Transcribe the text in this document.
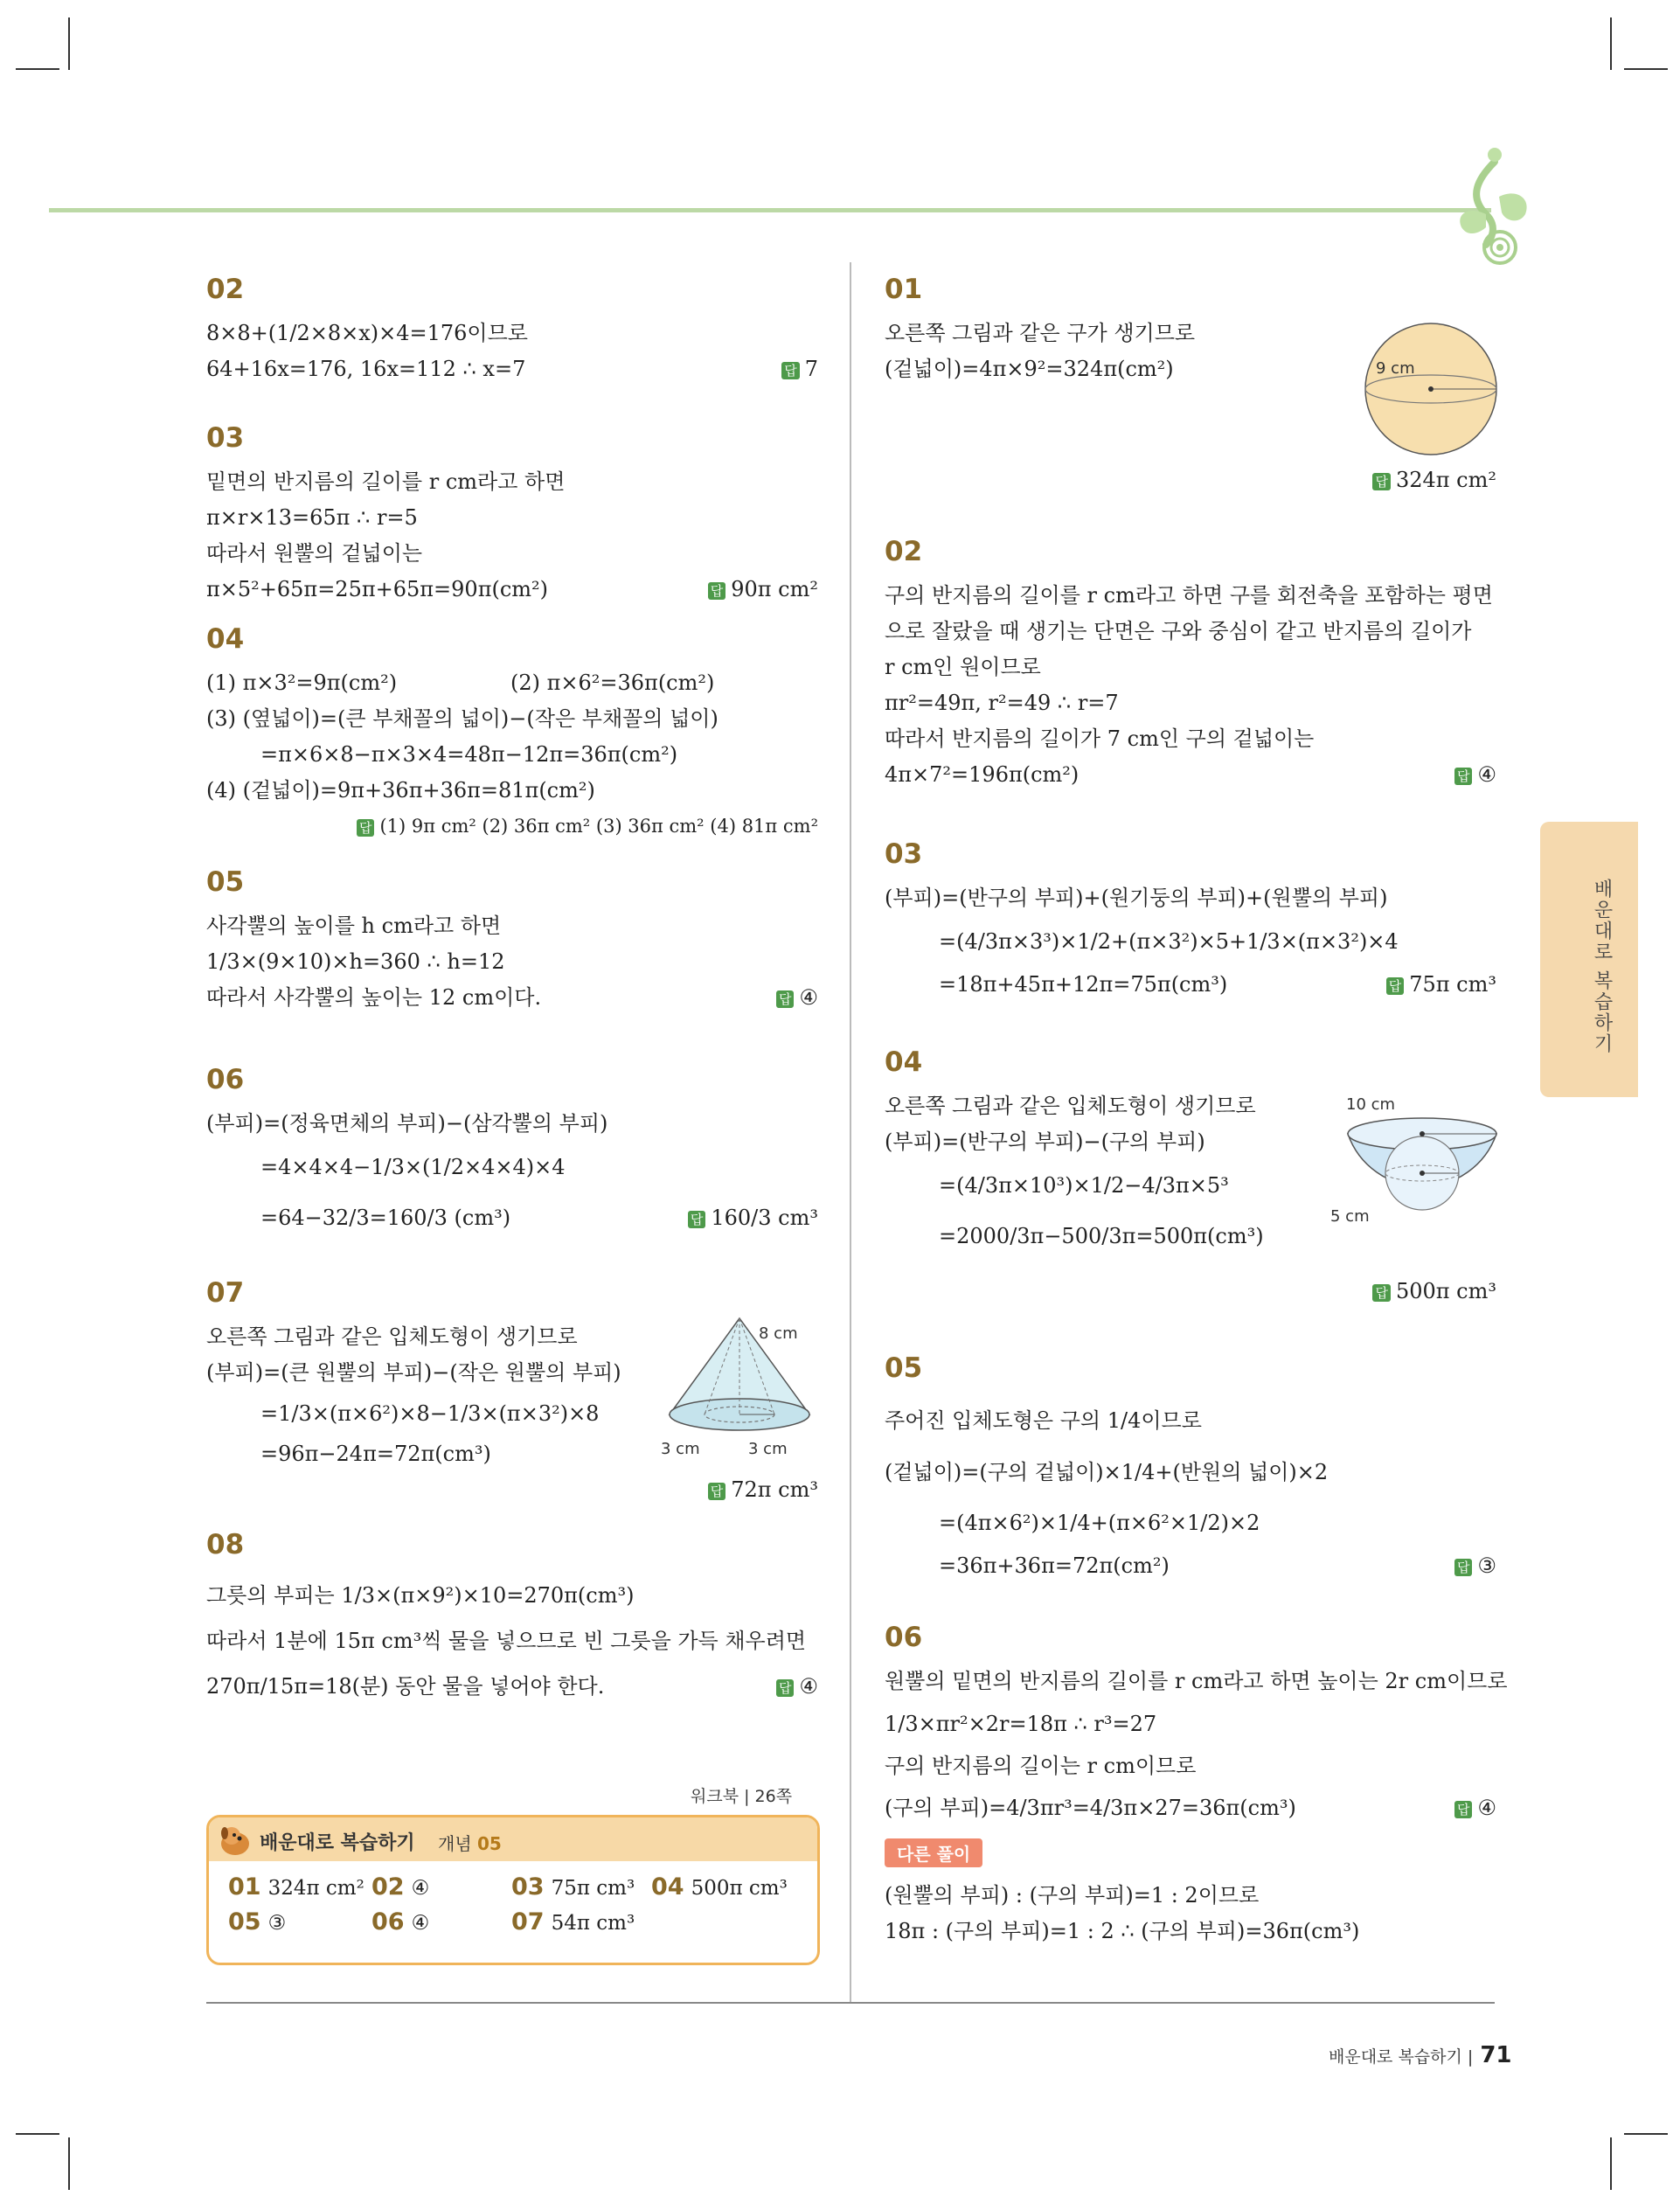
02
8×8+(1/2×8×x)×4=176이므로
64+16x=176, 16x=112 ∴ x=7	답 7
03
밑면의 반지름의 길이를 r cm라고 하면
π×r×13=65π ∴ r=5
따라서 원뿔의 겉넓이는
π×5²+65π=25π+65π=90π(cm²)	답 90π cm²
04
(1) π×3²=9π(cm²)	(2) π×6²=36π(cm²)
(3) (옆넓이)=(큰 부채꼴의 넓이)−(작은 부채꼴의 넓이)
=π×6×8−π×3×4=48π−12π=36π(cm²)
(4) (겉넓이)=9π+36π+36π=81π(cm²)
답 (1) 9π cm² (2) 36π cm² (3) 36π cm² (4) 81π cm²
05
사각뿔의 높이를 h cm라고 하면
1/3×(9×10)×h=360 ∴ h=12
따라서 사각뿔의 높이는 12 cm이다.	답 ④
06
(부피)=(정육면체의 부피)−(삼각뿔의 부피)
=4×4×4−1/3×(1/2×4×4)×4
=64−32/3=160/3 (cm³)	답 160/3 cm³
07
오른쪽 그림과 같은 입체도형이 생기므로
(부피)=(큰 원뿔의 부피)−(작은 원뿔의 부피)
=1/3×(π×6²)×8−1/3×(π×3²)×8
=96π−24π=72π(cm³)
답 72π cm³
8 cm
3 cm	3 cm
08
그릇의 부피는 1/3×(π×9²)×10=270π(cm³)
따라서 1분에 15π cm³씩 물을 넣으므로 빈 그릇을 가득 채우려면
270π/15π=18(분) 동안 물을 넣어야 한다.	답 ④
01
오른쪽 그림과 같은 구가 생기므로
(겉넓이)=4π×9²=324π(cm²)
답 324π cm²
9 cm
02
구의 반지름의 길이를 r cm라고 하면 구를 회전축을 포함하는 평면
으로 잘랐을 때 생기는 단면은 구와 중심이 같고 반지름의 길이가
r cm인 원이므로
πr²=49π, r²=49 ∴ r=7
따라서 반지름의 길이가 7 cm인 구의 겉넓이는
4π×7²=196π(cm²)	답 ④
03
(부피)=(반구의 부피)+(원기둥의 부피)+(원뿔의 부피)
=(4/3π×3³)×1/2+(π×3²)×5+1/3×(π×3²)×4
=18π+45π+12π=75π(cm³)	답 75π cm³
04
오른쪽 그림과 같은 입체도형이 생기므로
(부피)=(반구의 부피)−(구의 부피)
=(4/3π×10³)×1/2−4/3π×5³
=2000/3π−500/3π=500π(cm³)
답 500π cm³
10 cm
5 cm
05
주어진 입체도형은 구의 1/4이므로
(겉넓이)=(구의 겉넓이)×1/4+(반원의 넓이)×2
=(4π×6²)×1/4+(π×6²×1/2)×2
=36π+36π=72π(cm²)	답 ③
06
원뿔의 밑면의 반지름의 길이를 r cm라고 하면 높이는 2r cm이므로
1/3×πr²×2r=18π ∴ r³=27
구의 반지름의 길이는 r cm이므로
(구의 부피)=4/3πr³=4/3π×27=36π(cm³)	답 ④
다른 풀이
(원뿔의 부피) : (구의 부피)=1 : 2이므로
18π : (구의 부피)=1 : 2 ∴ (구의 부피)=36π(cm³)
배운대로 복습하기
워크북 | 26쪽
배운대로 복습하기 개념 05
01 324π cm² 02 ④	03 75π cm³ 04 500π cm³
05 ③	06 ④	07 54π cm³
배운대로 복습하기 | 71
